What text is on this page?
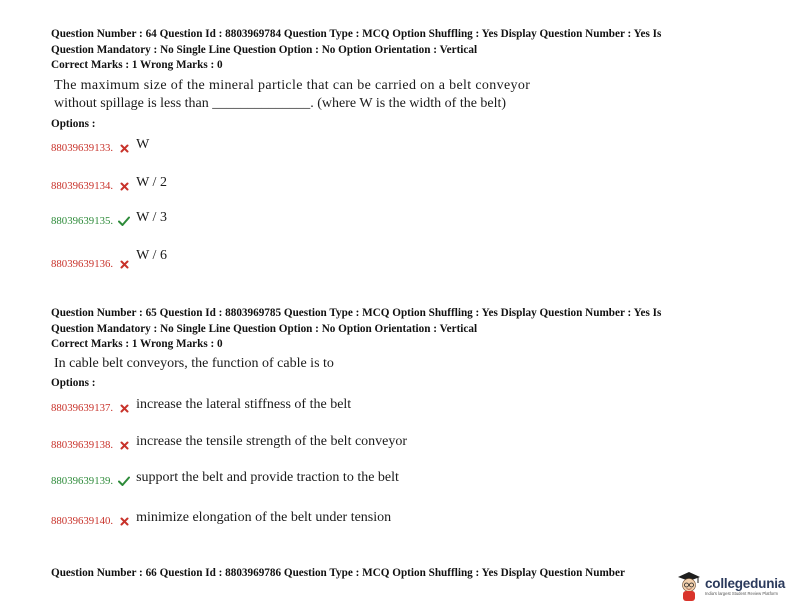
Question Number : 64 Question Id : 8803969784 Question Type : MCQ Option Shuffling : Yes Display Question Number : Yes Is
Question Mandatory : No Single Line Question Option : No Option Orientation : Vertical
Correct Marks : 1 Wrong Marks : 0
The maximum size of the mineral particle that can be carried on a belt conveyor
without spillage is less than ______________. (where W is the width of the belt)
Options :
88039639133. W
88039639134. W / 2
88039639135. W / 3
88039639136.
W / 6
Question Number : 65 Question Id : 8803969785 Question Type : MCQ Option Shuffling : Yes Display Question Number : Yes Is
Question Mandatory : No Single Line Question Option : No Option Orientation : Vertical
Correct Marks : 1 Wrong Marks : 0
In cable belt conveyors, the function of cable is to
Options :
88039639137. increase the lateral stiffness of the belt
88039639138. increase the tensile strength of the belt conveyor
88039639139. support the belt and provide traction to the belt
88039639140. minimize elongation of the belt under tension
Question Number : 66 Question Id : 8803969786 Question Type : MCQ Option Shuffling : Yes Display Question Number
collegedunia
India's largest Student Review Platform
